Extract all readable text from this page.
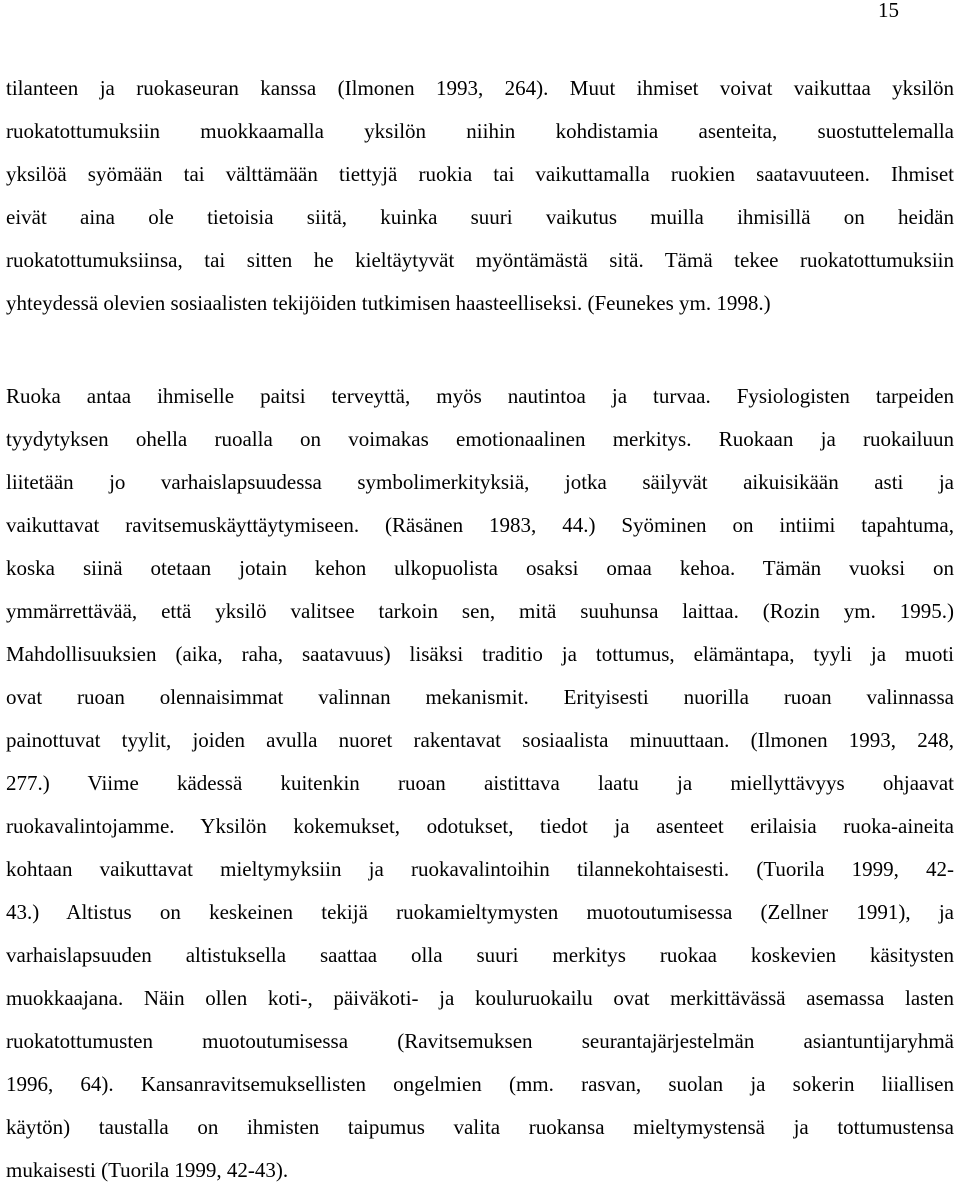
15

tilanteen ja ruokaseuran kanssa (Ilmonen 1993, 264). Muut ihmiset voivat vaikuttaa yksilön
ruokatottumuksiin muokkaamalla yksilön niihin kohdistamia asenteita, suostuttelemalla
yksilöä syömään tai välttämään tiettyjä ruokia tai vaikuttamalla ruokien saatavuuteen. Ihmiset
eivät aina ole tietoisia siitä, kuinka suuri vaikutus muilla ihmisillä on heidän
ruokatottumuksiinsa, tai sitten he kieltäytyvät myöntämästä sitä. Tämä tekee ruokatottumuksiin
yhteydessä olevien sosiaalisten tekijöiden tutkimisen haasteelliseksi. (Feunekes ym. 1998.)

Ruoka antaa ihmiselle paitsi terveyttä, myös nautintoa ja turvaa. Fysiologisten tarpeiden
tyydytyksen ohella ruoalla on voimakas emotionaalinen merkitys. Ruokaan ja ruokailuun
liitetään jo varhaislapsuudessa symbolimerkityksiä, jotka säilyvät aikuisikään asti ja
vaikuttavat ravitsemuskäyttäytymiseen. (Räsänen 1983, 44.) Syöminen on intiimi tapahtuma,
koska siinä otetaan jotain kehon ulkopuolista osaksi omaa kehoa. Tämän vuoksi on
ymmärrettävää, että yksilö valitsee tarkoin sen, mitä suuhunsa laittaa. (Rozin ym. 1995.)
Mahdollisuuksien (aika, raha, saatavuus) lisäksi traditio ja tottumus, elämäntapa, tyyli ja muoti
ovat ruoan olennaisimmat valinnan mekanismit. Erityisesti nuorilla ruoan valinnassa
painottuvat tyylit, joiden avulla nuoret rakentavat sosiaalista minuuttaan. (Ilmonen 1993, 248,
277.) Viime kädessä kuitenkin ruoan aistittava laatu ja miellyttävyys ohjaavat
ruokavalintojamme. Yksilön kokemukset, odotukset, tiedot ja asenteet erilaisia ruoka-aineita
kohtaan vaikuttavat mieltymyksiin ja ruokavalintoihin tilannekohtaisesti. (Tuorila 1999, 42-
43.) Altistus on keskeinen tekijä ruokamieltymysten muotoutumisessa (Zellner 1991), ja
varhaislapsuuden altistuksella saattaa olla suuri merkitys ruokaa koskevien käsitysten
muokkaajana. Näin ollen koti-, päiväkoti- ja kouluruokailu ovat merkittävässä asemassa lasten
ruokatottumusten muotoutumisessa (Ravitsemuksen seurantajärjestelmän asiantuntijaryhmä
1996, 64). Kansanravitsemuksellisten ongelmien (mm. rasvan, suolan ja sokerin liiallisen
käytön) taustalla on ihmisten taipumus valita ruokansa mieltymystensä ja tottumustensa
mukaisesti (Tuorila 1999, 42-43).
